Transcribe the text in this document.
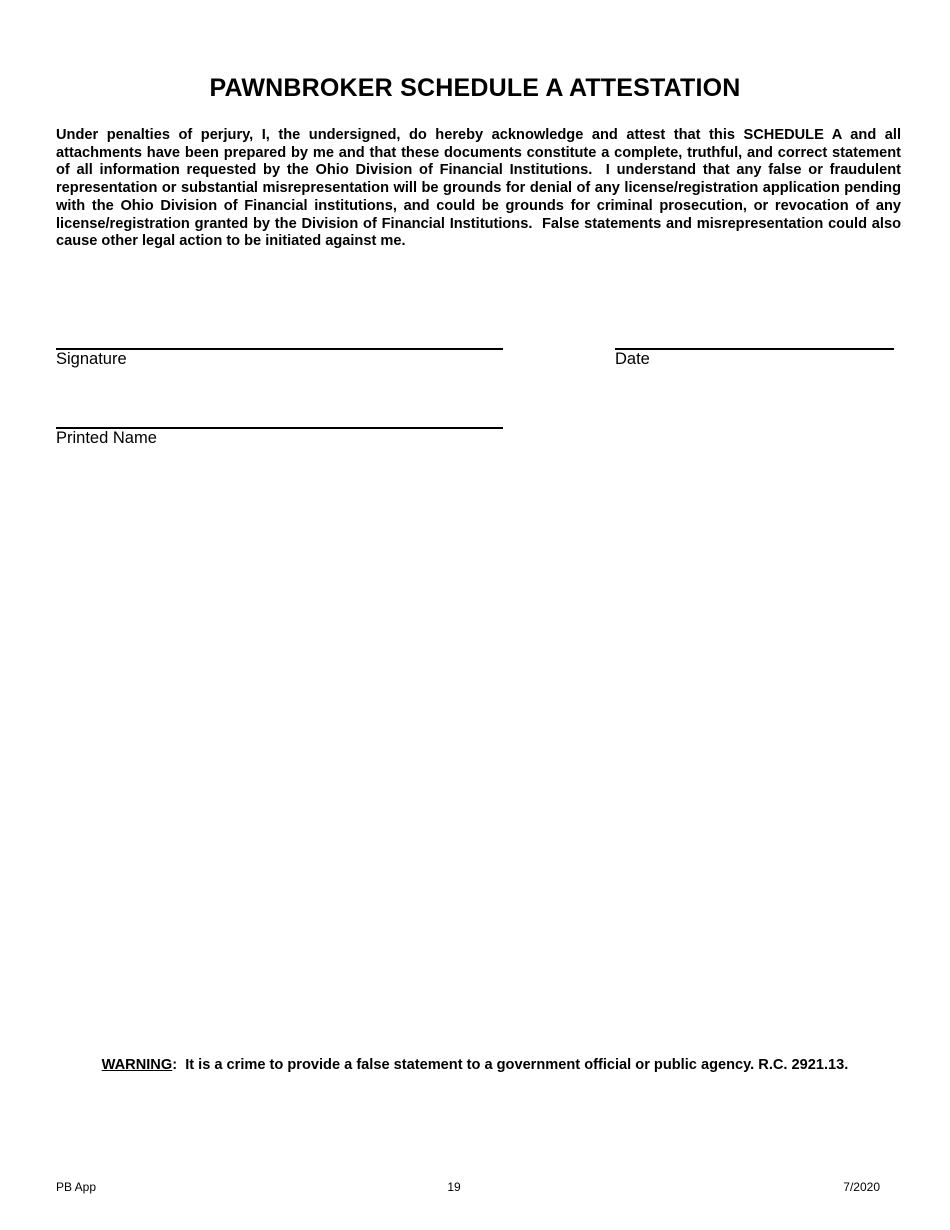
PAWNBROKER SCHEDULE A ATTESTATION

Under penalties of perjury, I, the undersigned, do hereby acknowledge and attest that this SCHEDULE A and all attachments have been prepared by me and that these documents constitute a complete, truthful, and correct statement of all information requested by the Ohio Division of Financial Institutions.  I understand that any false or fraudulent representation or substantial misrepresentation will be grounds for denial of any license/registration application pending with the Ohio Division of Financial institutions, and could be grounds for criminal prosecution, or revocation of any license/registration granted by the Division of Financial Institutions.  False statements and misrepresentation could also cause other legal action to be initiated against me.

Signature	Date
Printed Name
WARNING: It is a crime to provide a false statement to a government official or public agency. R.C. 2921.13.
PB App	19	7/2020
